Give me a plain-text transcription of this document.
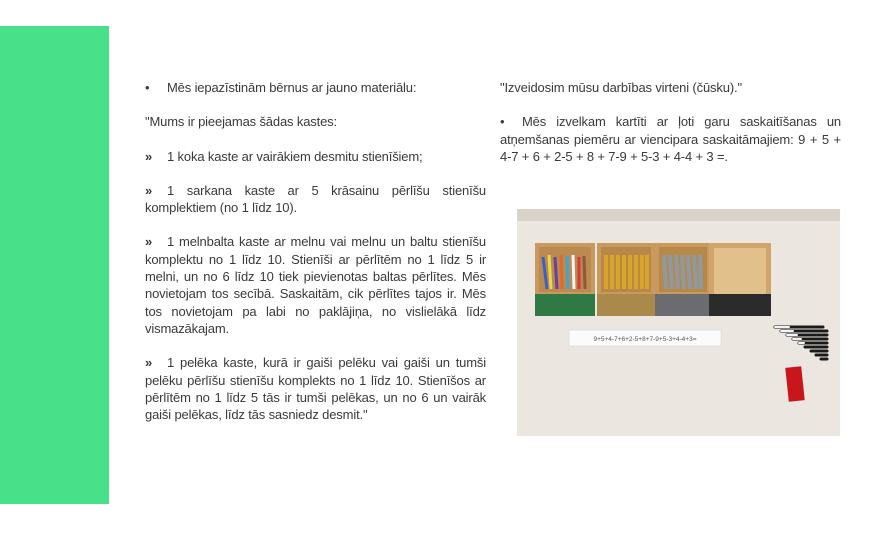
• Mēs iepazīstinām bērnus ar jauno materiālu:

"Mums ir pieejamas šādas kastes:

» 1 koka kaste ar vairākiem desmitu stienīšiem;

» 1 sarkana kaste ar 5 krāsainu pērlīšu stienīšu komplektiem (no 1 līdz 10).

» 1 melnbalta kaste ar melnu vai melnu un baltu stienīšu komplektu no 1 līdz 10. Stienīši ar pērlītēm no 1 līdz 5 ir melni, un no 6 līdz 10 tiek pievienotas baltas pērlītes. Mēs novietojam tos secībā. Saskaitām, cik pērlītes tajos ir. Mēs tos novietojam pa labi no paklājiņa, no vislielākā līdz vismazākajam.

» 1 pelēka kaste, kurā ir gaiši pelēku vai gaiši un tumši pelēku pērlīšu stienīšu komplekts no 1 līdz 10. Stienīšos ar pērlītēm no 1 līdz 5 tās ir tumši pelēkas, un no 6 un vairāk gaiši pelēkas, līdz tās sasniedz desmit."

"Izveidosim mūsu darbības virteni (čūsku)."

• Mēs izvelkam kartīti ar ļoti garu saskaitīšanas un atņemšanas piemēru ar viencipara saskaitāmajiem: 9 + 5 + 4-7 + 6 + 2-5 + 8 + 7-9 + 5-3 + 4-4 + 3 =.

9+5+4-7+6+2-5+8+7-9+5-3+4-4+3=
